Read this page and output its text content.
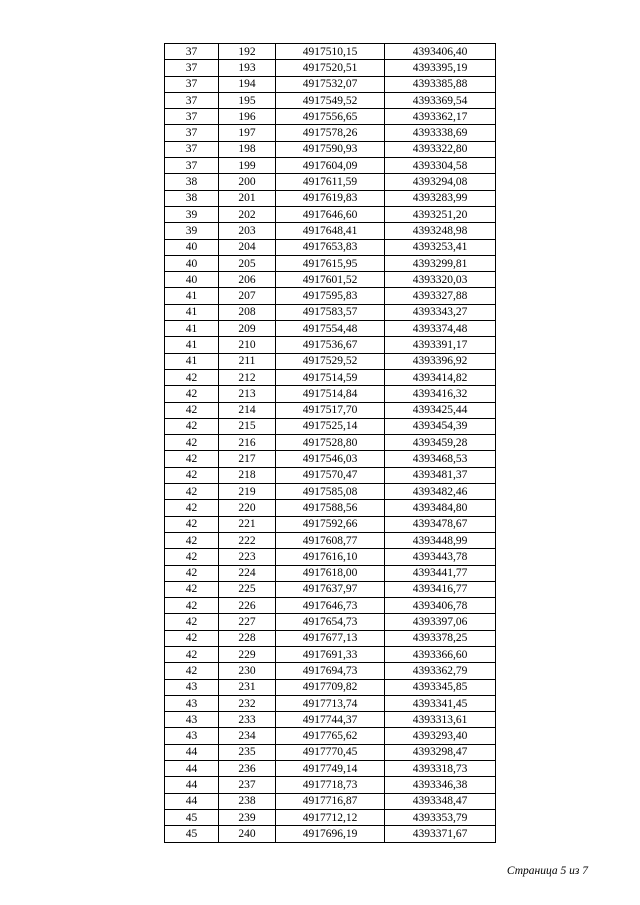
37	192	4917510,15	4393406,40
37	193	4917520,51	4393395,19
37	194	4917532,07	4393385,88
37	195	4917549,52	4393369,54
37	196	4917556,65	4393362,17
37	197	4917578,26	4393338,69
37	198	4917590,93	4393322,80
37	199	4917604,09	4393304,58
38	200	4917611,59	4393294,08
38	201	4917619,83	4393283,99
39	202	4917646,60	4393251,20
39	203	4917648,41	4393248,98
40	204	4917653,83	4393253,41
40	205	4917615,95	4393299,81
40	206	4917601,52	4393320,03
41	207	4917595,83	4393327,88
41	208	4917583,57	4393343,27
41	209	4917554,48	4393374,48
41	210	4917536,67	4393391,17
41	211	4917529,52	4393396,92
42	212	4917514,59	4393414,82
42	213	4917514,84	4393416,32
42	214	4917517,70	4393425,44
42	215	4917525,14	4393454,39
42	216	4917528,80	4393459,28
42	217	4917546,03	4393468,53
42	218	4917570,47	4393481,37
42	219	4917585,08	4393482,46
42	220	4917588,56	4393484,80
42	221	4917592,66	4393478,67
42	222	4917608,77	4393448,99
42	223	4917616,10	4393443,78
42	224	4917618,00	4393441,77
42	225	4917637,97	4393416,77
42	226	4917646,73	4393406,78
42	227	4917654,73	4393397,06
42	228	4917677,13	4393378,25
42	229	4917691,33	4393366,60
42	230	4917694,73	4393362,79
43	231	4917709,82	4393345,85
43	232	4917713,74	4393341,45
43	233	4917744,37	4393313,61
43	234	4917765,62	4393293,40
44	235	4917770,45	4393298,47
44	236	4917749,14	4393318,73
44	237	4917718,73	4393346,38
44	238	4917716,87	4393348,47
45	239	4917712,12	4393353,79
45	240	4917696,19	4393371,67
Страница 5 из 7
